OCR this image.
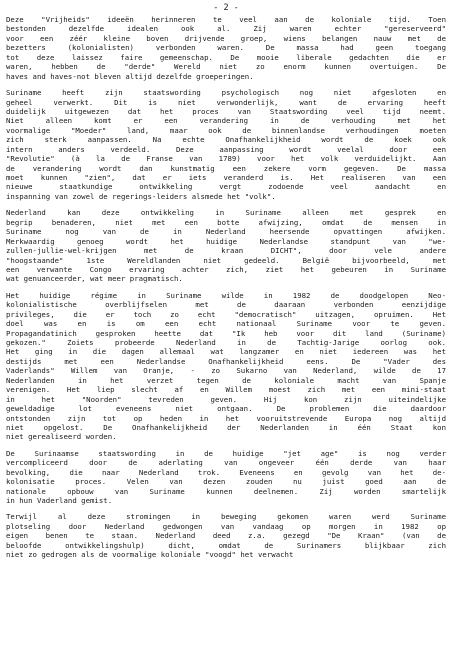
- 2 -
Deze "Vrijheids" ideeën herinneren te veel aan de koloniale tijd. Toen
bestonden dezelfde idealen ook al. Zij waren echter "gereserveerd"
voor een zéér kleine boven drijvende groep, wiens belangen nauw met de
bezetters (kolonialisten) verbonden waren. De massa had geen toegang
tot deze laissez faire gemeenschap. De mooie liberale gedachten die er
waren, hebben de "derde" Wereld niet zo enorm kunnen overtuigen. De
haves and haves-not bleven altijd dezelfde groeperingen.
Suriname heeft zijn staatswording psychologisch nog niet afgesloten en
geheel verwerkt. Dit is niet verwonderlijk, want de ervaring heeft
duidelijk uitgewezen dat het proces van Staatswording veel tijd neemt.
Niet alleen komt er een verandering in de verhouding met het
voormalige "Moeder" land, maar ook de binnenlandse verhoudingen moeten
zich sterk aanpassen. Na echte Onafhankelijkheid wordt de koek ook
intern anders verdeeld. Deze aanpassing wordt veelal door een
"Revolutie" (à la de Franse van 1789) voor het volk verduidelijkt. Aan
de verandering wordt dan kunstmatig een zekere vorm gegeven. De massa
moet kunnen "zien", dat er iets veranderd is. Het realiseren van een
nieuwe staatkundige ontwikkeling vergt zodoende veel aandacht en
inspanning van zowel de regerings-leiders alsmede het "volk".
Nederland kan deze ontwikkeling in Suriname alleen met gesprek en
begrip benaderen, niet met een botte afwijzing, omdat de mensen in
Suriname nog van de in Nederland heersende opvattingen afwijken.
Merkwaardig genoeg wordt het huidige Nederlandse standpunt van "we-
zullen-jullie-wel-krijgen met de kraan DICHT", door vele andere
"hoogstaande" 1ste Wereldlanden niet gedeeld. België bijvoorbeeld, met
een verwante Congo ervaring achter zich, ziet het gebeuren in Suriname
wat genuanceerder, wat meer pragmatisch.
Het huidige régime in Suriname wilde in 1982 de doodgelopen Neo-
kolonialistische overblijfselen met de daaraan verbonden eenzijdige
privileges, die er toch zo echt "democratisch" uitzagen, opruimen. Het
doel was en is om een echt nationaal Suriname voor te geven.
Propagandatinich gesproken heette dat "Ik heb voor dit land (Suriname)
gekozen." Zoiets probeerde Nederland in de Tachtig-Jarige oorlog ook.
Het ging in die dagen allemaal wat langzamer en niet iedereen was het
destijds met een Nederlandse Onafhankelijkheid eens. De "Vader des
Vaderlands" Willem van Oranje, - zo Sukarno van Nederland, wilde de 17
Nederlanden in het verzet tegen de koloniale macht van Spanje
verenigen. Het liep slecht af en Willem moest zich met een mini-staat
in het "Noorden" tevreden geven. Hij kon zijn uiteindelijke
geweldadige lot eveneens niet ontgaan. De problemen die daardoor
ontstonden zijn tot op heden in het vooruitstrevende Europa nog altijd
niet opgelost. De Onafhankelijkheid der Nederlanden in één Staat kon
niet gerealiseerd worden.
De Surinaamse staatswording in de huidige "jet age" is nog verder
vercompliceerd door de aderlating van ongeveer één derde van haar
bevolking, die naar Nederland trok. Eveneens en gevolg van het de-
kolonisatie proces. Velen van dezen zouden nu juist goed aan de
nationale opbouw van Suriname kunnen deelnemen. Zij worden smartelijk
in hun Vaderland gemist.
Terwijl al deze stromingen in beweging gekomen waren werd Suriname
plotseling door Nederland gedwongen van vandaag op morgen in 1982 op
eigen benen te staan. Nederland deed z.a. gezegd "De Kraan" (van de
beloofde ontwikkelingshulp) dicht, omdat de Surinamers blijkbaar zich
niet zo gedrogen als de voormalige koloniale "voogd" het verwacht
